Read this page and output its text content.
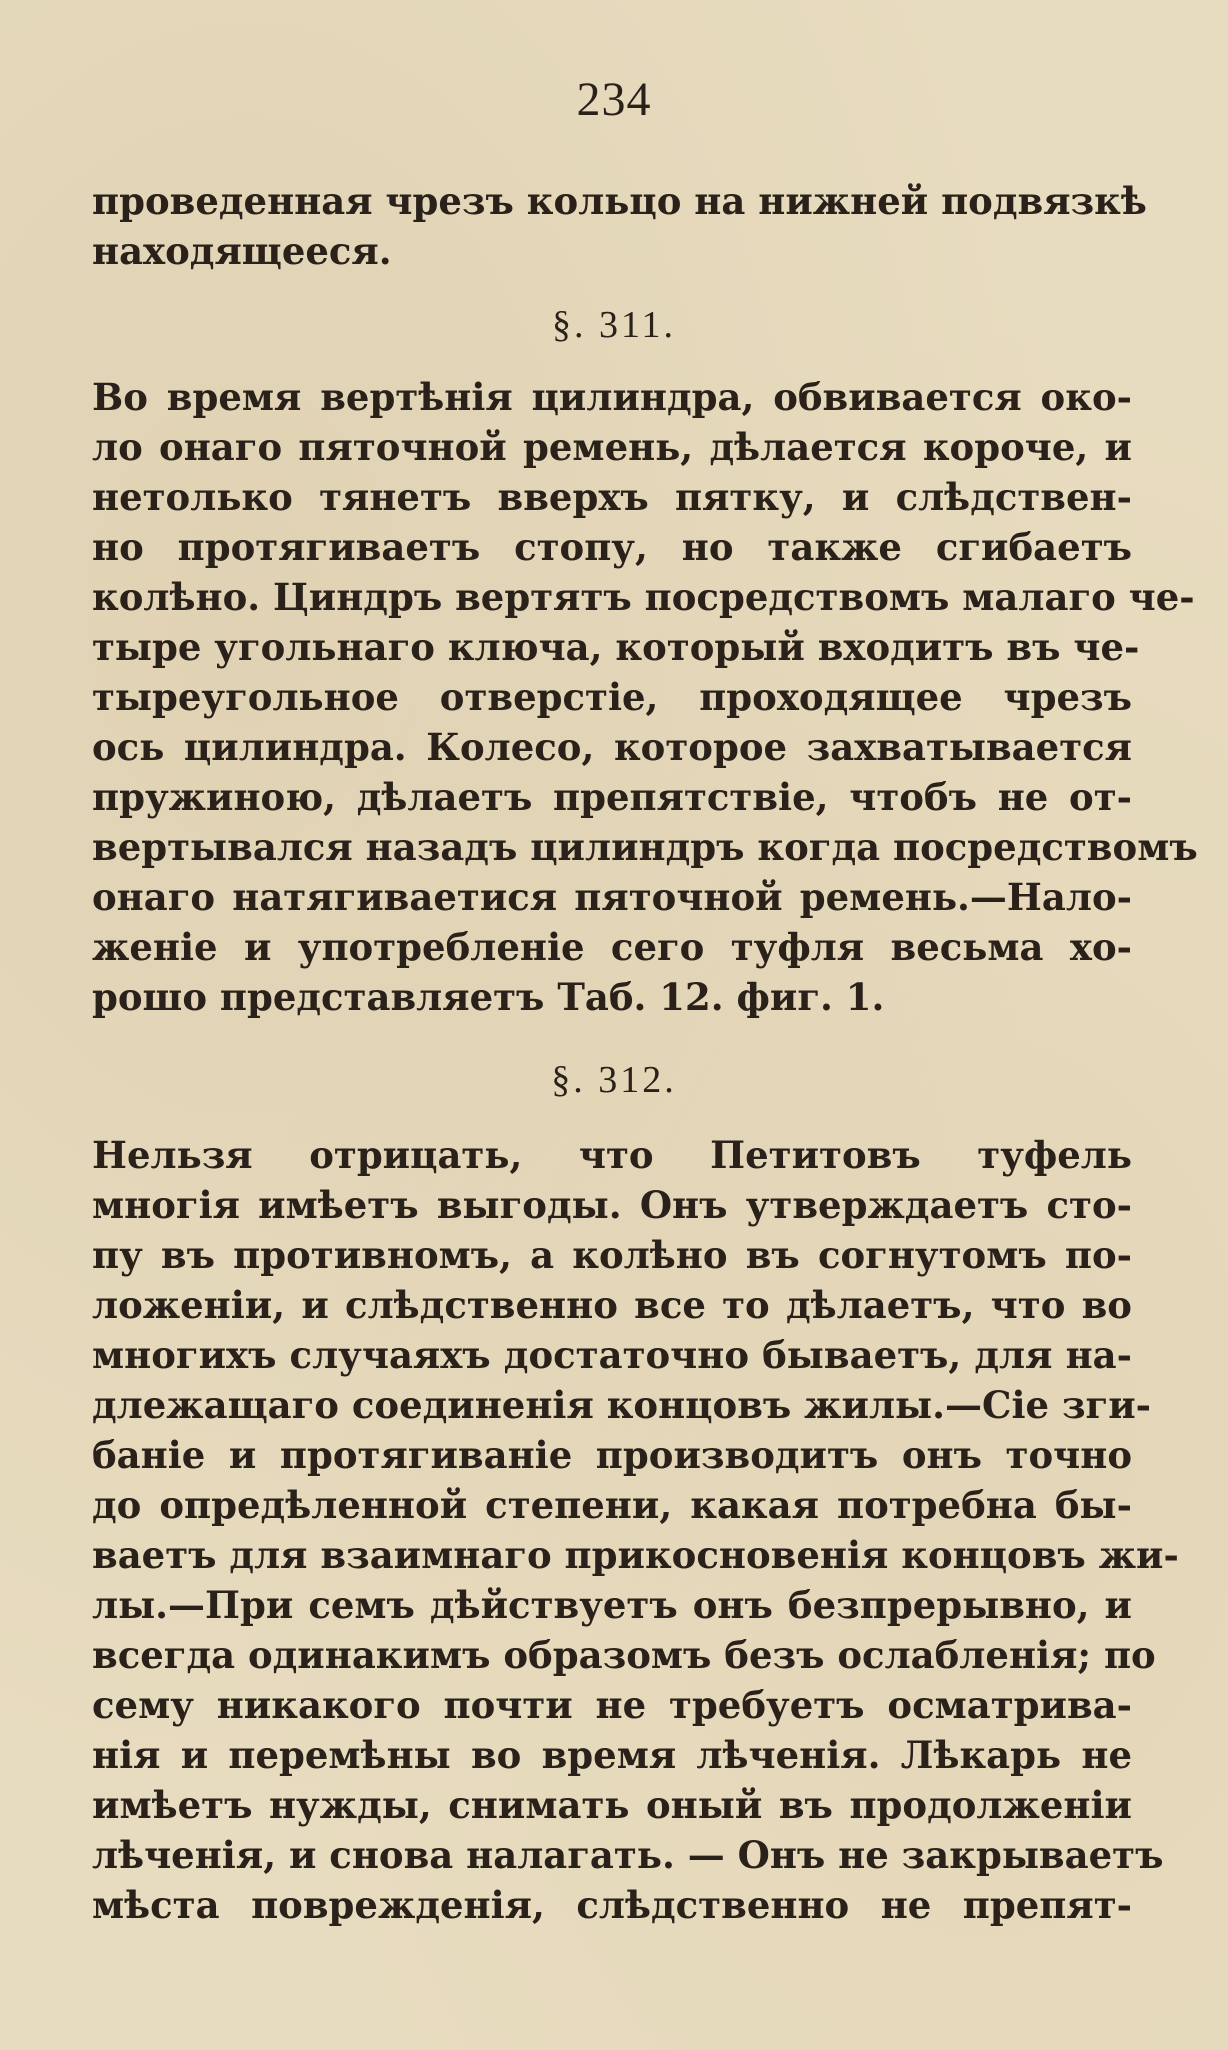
234
проведенная чрезъ кольцо на нижней подвязкѣ
находящееся.
§. 311.
Во время вертѣнія цилиндра, обвивается око-
ло онаго пяточной ремень, дѣлается короче, и
нетолько тянетъ вверхъ пятку, и слѣдствен-
но протягиваетъ стопу, но также сгибаетъ
колѣно. Циндръ вертятъ посредствомъ малаго че-
тыре угольнаго ключа, который входитъ въ че-
тыреугольное отверстіе, проходящее чрезъ
ось цилиндра. Колесо, которое захватывается
пружиною, дѣлаетъ препятствіе, чтобъ не от-
вертывался назадъ цилиндръ когда посредствомъ
онаго натягиваетися пяточной ремень.—Нало-
женіе и употребленіе сего туфля весьма хо-
рошо представляетъ Таб. 12. фиг. 1.
§. 312.
Нельзя отрицать, что Петитовъ туфель
многія имѣетъ выгоды. Онъ утверждаетъ сто-
пу въ противномъ, а колѣно въ согнутомъ по-
ложеніи, и слѣдственно все то дѣлаетъ, что во
многихъ случаяхъ достаточно бываетъ, для на-
длежащаго соединенія концовъ жилы.—Сіе зги-
баніе и протягиваніе производитъ онъ точно
до опредѣленной степени, какая потребна бы-
ваетъ для взаимнаго прикосновенія концовъ жи-
лы.—При семъ дѣйствуетъ онъ безпрерывно, и
всегда одинакимъ образомъ безъ ослабленія; по
сему никакого почти не требуетъ осматрива-
нія и перемѣны во время лѣченія. Лѣкарь не
имѣетъ нужды, снимать оный въ продолженіи
лѣченія, и снова налагать. — Онъ не закрываетъ
мѣста поврежденія, слѣдственно не препят-
